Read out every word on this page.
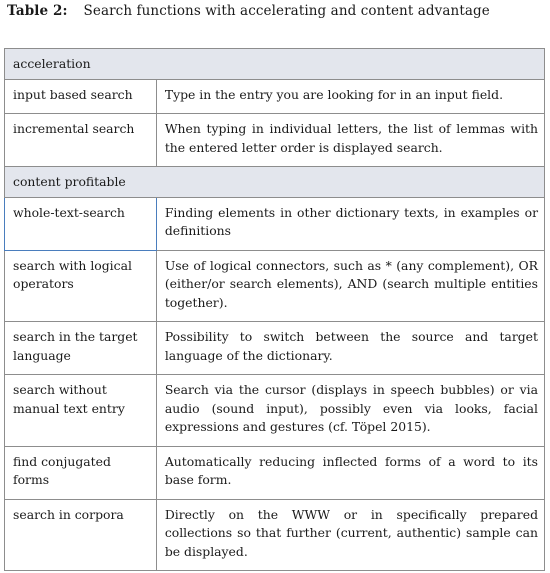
Table 2: Search functions with accelerating and content advantage
acceleration	
input based search	Type in the entry you are looking for in an input field.
incremental search	When typing in individual letters, the list of lemmas with the entered letter order is displayed search.
content profitable	
whole-text-search	Finding elements in other dictionary texts, in examples or definitions
search with logical operators	Use of logical connectors, such as * (any complement), OR (either/or search elements), AND (search multiple entities together).
search in the target language	Possibility to switch between the source and target language of the dictionary.
search without manual text entry	Search via the cursor (displays in speech bubbles) or via audio (sound input), possibly even via looks, facial expressions and gestures (cf. Töpel 2015).
find conjugated forms	Automatically reducing inflected forms of a word to its base form.
search in corpora	Directly on the WWW or in specifically prepared collections so that further (current, authentic) sample can be displayed.
